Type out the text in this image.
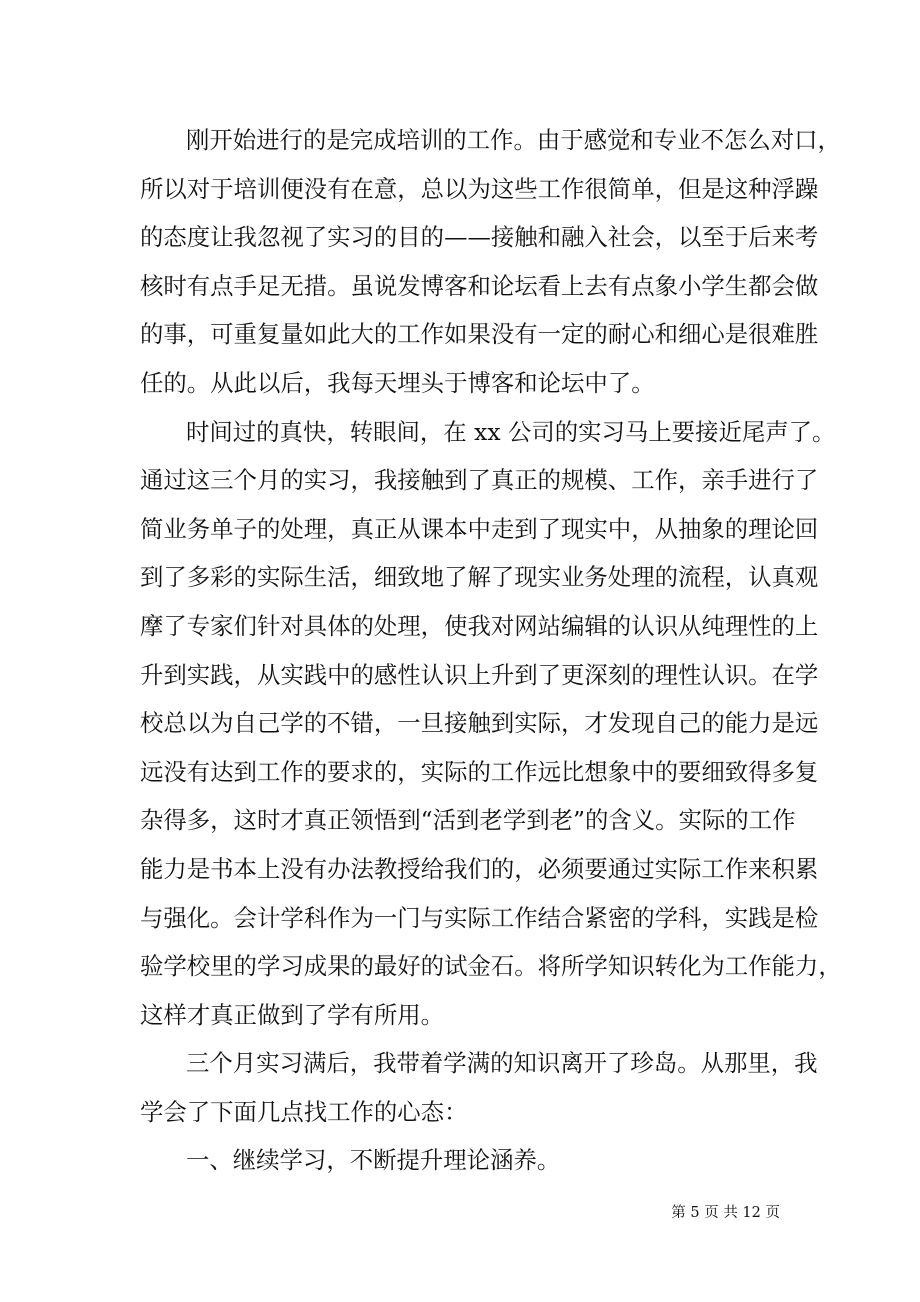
刚开始进行的是完成培训的工作。由于感觉和专业不怎么对口，
所以对于培训便没有在意，总以为这些工作很简单，但是这种浮躁
的态度让我忽视了实习的目的——接触和融入社会，以至于后来考
核时有点手足无措。虽说发博客和论坛看上去有点象小学生都会做
的事，可重复量如此大的工作如果没有一定的耐心和细心是很难胜
任的。从此以后，我每天埋头于博客和论坛中了。
时间过的真快，转眼间，在 xx 公司的实习马上要接近尾声了。
通过这三个月的实习，我接触到了真正的规模、工作，亲手进行了
简业务单子的处理，真正从课本中走到了现实中，从抽象的理论回
到了多彩的实际生活，细致地了解了现实业务处理的流程，认真观
摩了专家们针对具体的处理，使我对网站编辑的认识从纯理性的上
升到实践，从实践中的感性认识上升到了更深刻的理性认识。在学
校总以为自己学的不错，一旦接触到实际，才发现自己的能力是远
远没有达到工作的要求的，实际的工作远比想象中的要细致得多复
杂得多，这时才真正领悟到“活到老学到老”的含义。实际的工作
能力是书本上没有办法教授给我们的，必须要通过实际工作来积累
与强化。会计学科作为一门与实际工作结合紧密的学科，实践是检
验学校里的学习成果的最好的试金石。将所学知识转化为工作能力，
这样才真正做到了学有所用。
三个月实习满后，我带着学满的知识离开了珍岛。从那里，我
学会了下面几点找工作的心态：
一、继续学习，不断提升理论涵养。
第 5 页 共 12 页
